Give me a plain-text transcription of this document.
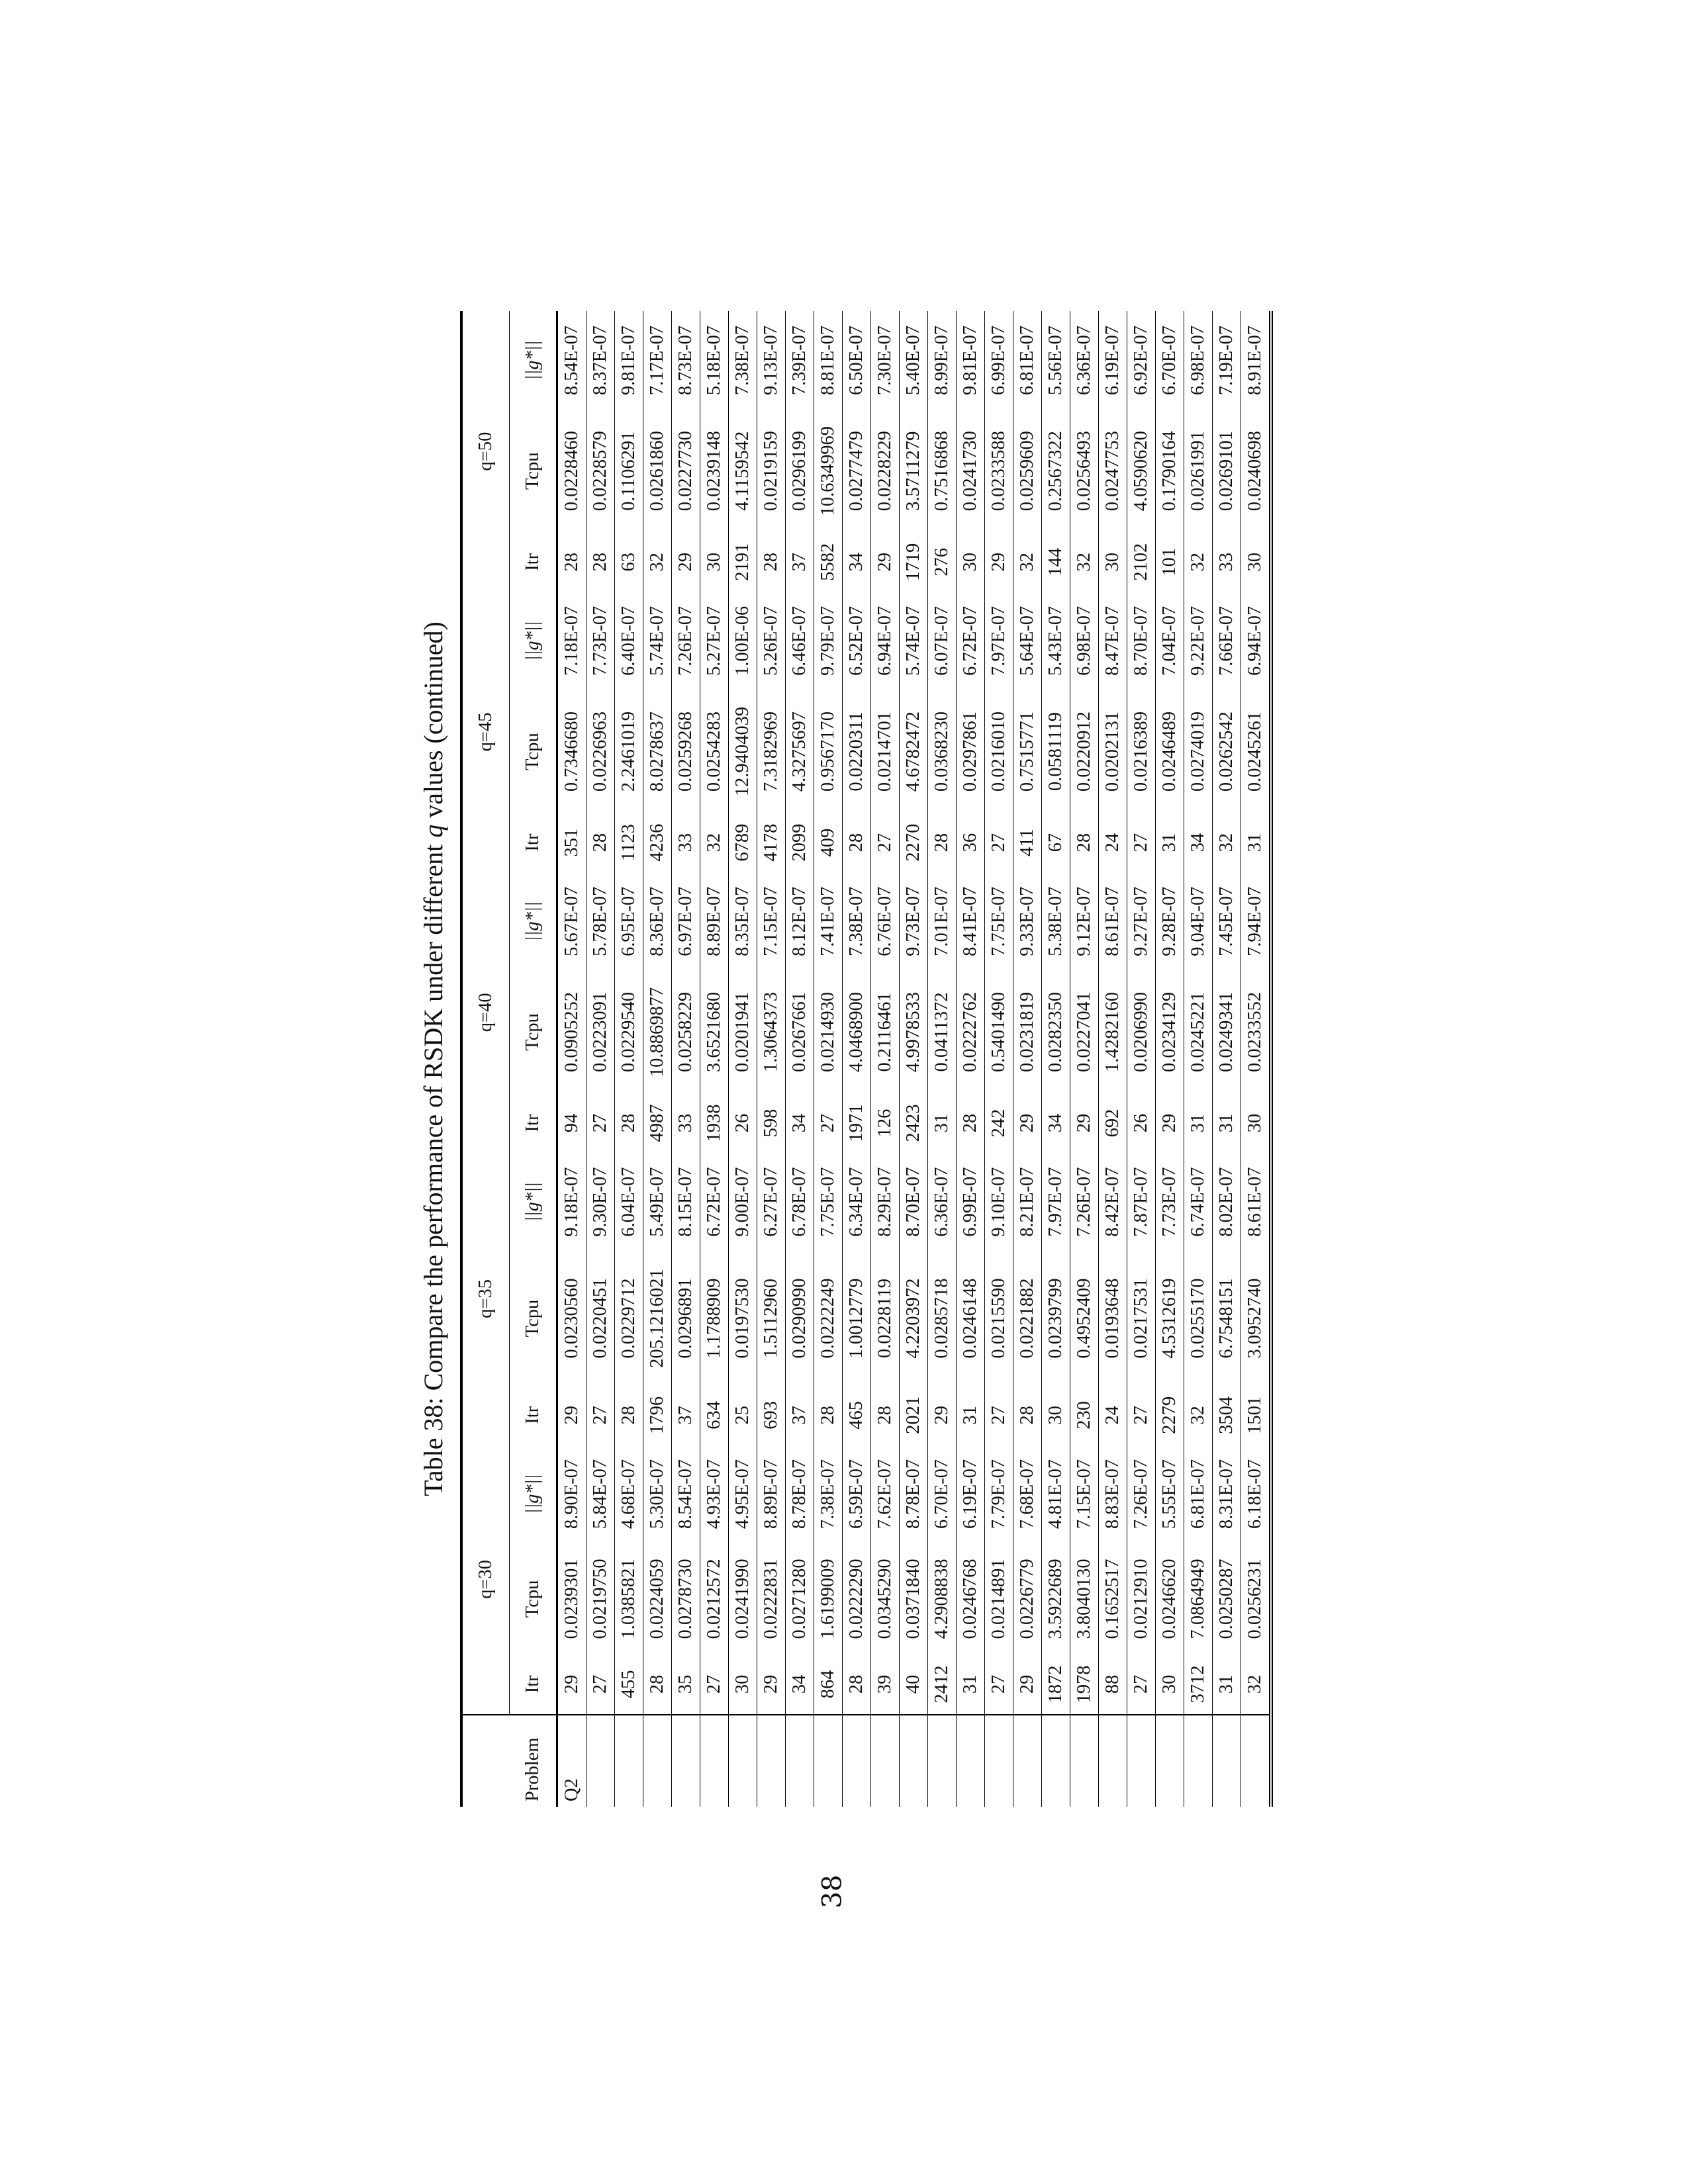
38
Table 38: Compare the performance of RSDK under different q values (continued)
	q=30			q=35			q=40			q=45			q=50		
Problem	Itr	Tcpu	||g*||	Itr	Tcpu	||g*||	Itr	Tcpu	||g*||	Itr	Tcpu	||g*||	Itr	Tcpu	||g*||
Q2	29	0.0239301	8.90E-07	29	0.0230560	9.18E-07	94	0.0905252	5.67E-07	351	0.7346680	7.18E-07	28	0.0228460	8.54E-07
	27	0.0219750	5.84E-07	27	0.0220451	9.30E-07	27	0.0223091	5.78E-07	28	0.0226963	7.73E-07	28	0.0228579	8.37E-07
	455	1.0385821	4.68E-07	28	0.0229712	6.04E-07	28	0.0229540	6.95E-07	1123	2.2461019	6.40E-07	63	0.1106291	9.81E-07
	28	0.0224059	5.30E-07	1796	205.1216021	5.49E-07	4987	10.8869877	8.36E-07	4236	8.0278637	5.74E-07	32	0.0261860	7.17E-07
	35	0.0278730	8.54E-07	37	0.0296891	8.15E-07	33	0.0258229	6.97E-07	33	0.0259268	7.26E-07	29	0.0227730	8.73E-07
	27	0.0212572	4.93E-07	634	1.1788909	6.72E-07	1938	3.6521680	8.89E-07	32	0.0254283	5.27E-07	30	0.0239148	5.18E-07
	30	0.0241990	4.95E-07	25	0.0197530	9.00E-07	26	0.0201941	8.35E-07	6789	12.9404039	1.00E-06	2191	4.1159542	7.38E-07
	29	0.0222831	8.89E-07	693	1.5112960	6.27E-07	598	1.3064373	7.15E-07	4178	7.3182969	5.26E-07	28	0.0219159	9.13E-07
	34	0.0271280	8.78E-07	37	0.0290990	6.78E-07	34	0.0267661	8.12E-07	2099	4.3275697	6.46E-07	37	0.0296199	7.39E-07
	864	1.6199009	7.38E-07	28	0.0222249	7.75E-07	27	0.0214930	7.41E-07	409	0.9567170	9.79E-07	5582	10.6349969	8.81E-07
	28	0.0222290	6.59E-07	465	1.0012779	6.34E-07	1971	4.0468900	7.38E-07	28	0.0220311	6.52E-07	34	0.0277479	6.50E-07
	39	0.0345290	7.62E-07	28	0.0228119	8.29E-07	126	0.2116461	6.76E-07	27	0.0214701	6.94E-07	29	0.0228229	7.30E-07
	40	0.0371840	8.78E-07	2021	4.2203972	8.70E-07	2423	4.9978533	9.73E-07	2270	4.6782472	5.74E-07	1719	3.5711279	5.40E-07
	2412	4.2908838	6.70E-07	29	0.0285718	6.36E-07	31	0.0411372	7.01E-07	28	0.0368230	6.07E-07	276	0.7516868	8.99E-07
	31	0.0246768	6.19E-07	31	0.0246148	6.99E-07	28	0.0222762	8.41E-07	36	0.0297861	6.72E-07	30	0.0241730	9.81E-07
	27	0.0214891	7.79E-07	27	0.0215590	9.10E-07	242	0.5401490	7.75E-07	27	0.0216010	7.97E-07	29	0.0233588	6.99E-07
	29	0.0226779	7.68E-07	28	0.0221882	8.21E-07	29	0.0231819	9.33E-07	411	0.7515771	5.64E-07	32	0.0259609	6.81E-07
	1872	3.5922689	4.81E-07	30	0.0239799	7.97E-07	34	0.0282350	5.38E-07	67	0.0581119	5.43E-07	144	0.2567322	5.56E-07
	1978	3.8040130	7.15E-07	230	0.4952409	7.26E-07	29	0.0227041	9.12E-07	28	0.0220912	6.98E-07	32	0.0256493	6.36E-07
	88	0.1652517	8.83E-07	24	0.0193648	8.42E-07	692	1.4282160	8.61E-07	24	0.0202131	8.47E-07	30	0.0247753	6.19E-07
	27	0.0212910	7.26E-07	27	0.0217531	7.87E-07	26	0.0206990	9.27E-07	27	0.0216389	8.70E-07	2102	4.0590620	6.92E-07
	30	0.0246620	5.55E-07	2279	4.5312619	7.73E-07	29	0.0234129	9.28E-07	31	0.0246489	7.04E-07	101	0.1790164	6.70E-07
	3712	7.0864949	6.81E-07	32	0.0255170	6.74E-07	31	0.0245221	9.04E-07	34	0.0274019	9.22E-07	32	0.0261991	6.98E-07
	31	0.0250287	8.31E-07	3504	6.7548151	8.02E-07	31	0.0249341	7.45E-07	32	0.0262542	7.66E-07	33	0.0269101	7.19E-07
	32	0.0256231	6.18E-07	1501	3.0952740	8.61E-07	30	0.0233552	7.94E-07	31	0.0245261	6.94E-07	30	0.0240698	8.91E-07
